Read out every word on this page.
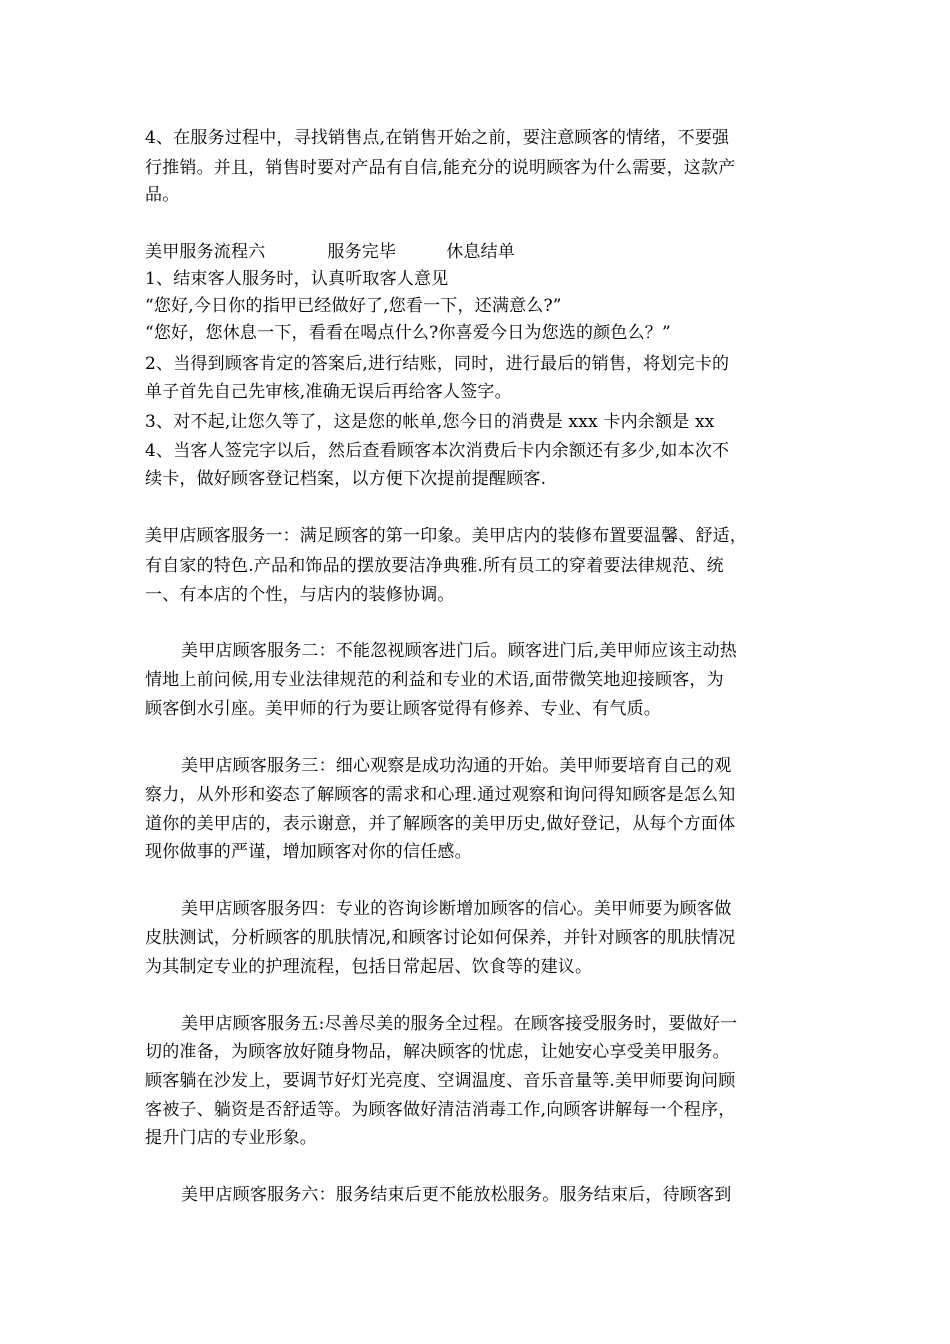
4、在服务过程中，寻找销售点,在销售开始之前，要注意顾客的情绪，不要强
行推销。并且，销售时要对产品有自信,能充分的说明顾客为什么需要，这款产
品。
美甲服务流程六	服务完毕	休息结单
1、结束客人服务时，认真听取客人意见
“您好,今日你的指甲已经做好了,您看一下，还满意么?”
“您好，您休息一下，看看在喝点什么?你喜爱今日为您选的颜色么？”
2、当得到顾客肯定的答案后,进行结账，同时，进行最后的销售，将划完卡的
单子首先自己先审核,准确无误后再给客人签字。
3、对不起,让您久等了，这是您的帐单,您今日的消费是 xxx 卡内余额是 xx
4、当客人签完字以后，然后查看顾客本次消费后卡内余额还有多少,如本次不
续卡，做好顾客登记档案，以方便下次提前提醒顾客.
美甲店顾客服务一：满足顾客的第一印象。美甲店内的装修布置要温馨、舒适，
有自家的特色.产品和饰品的摆放要洁净典雅.所有员工的穿着要法律规范、统
一、有本店的个性，与店内的装修协调。
美甲店顾客服务二：不能忽视顾客进门后。顾客进门后,美甲师应该主动热
情地上前问候,用专业法律规范的利益和专业的术语,面带微笑地迎接顾客，为
顾客倒水引座。美甲师的行为要让顾客觉得有修养、专业、有气质。
美甲店顾客服务三：细心观察是成功沟通的开始。美甲师要培育自己的观
察力，从外形和姿态了解顾客的需求和心理.通过观察和询问得知顾客是怎么知
道你的美甲店的，表示谢意，并了解顾客的美甲历史,做好登记，从每个方面体
现你做事的严谨，增加顾客对你的信任感。
美甲店顾客服务四：专业的咨询诊断增加顾客的信心。美甲师要为顾客做
皮肤测试，分析顾客的肌肤情况,和顾客讨论如何保养，并针对顾客的肌肤情况
为其制定专业的护理流程，包括日常起居、饮食等的建议。
美甲店顾客服务五:尽善尽美的服务全过程。在顾客接受服务时，要做好一
切的准备，为顾客放好随身物品，解决顾客的忧虑，让她安心享受美甲服务。
顾客躺在沙发上，要调节好灯光亮度、空调温度、音乐音量等.美甲师要询问顾
客被子、躺资是否舒适等。为顾客做好清洁消毒工作,向顾客讲解每一个程序，
提升门店的专业形象。
美甲店顾客服务六：服务结束后更不能放松服务。服务结束后，待顾客到
